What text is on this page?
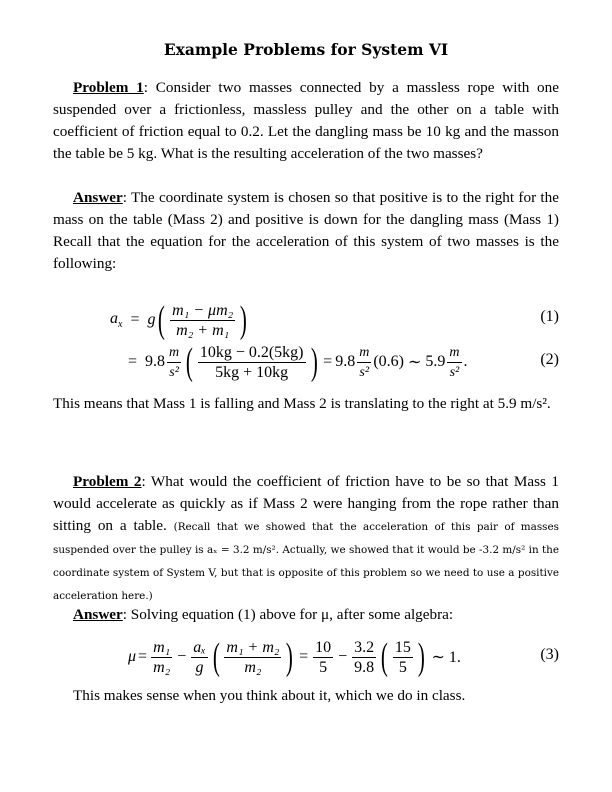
Example Problems for System VI
Problem 1: Consider two masses connected by a massless rope with one suspended over a frictionless, massless pulley and the other on a table with coefficient of friction equal to 0.2. Let the dangling mass be 10 kg and the masson the table be 5 kg. What is the resulting acceleration of the two masses?
Answer: The coordinate system is chosen so that positive is to the right for the mass on the table (Mass 2) and positive is down for the dangling mass (Mass 1) Recall that the equation for the acceleration of this system of two masses is the following:
$a_x = g$ ( $\frac{\text{m₁ − μm₂}}{\text{m₂ + m₁}}$ )	(1)
= $9.8 \frac{m}{\text{s²}}$ ( $\frac{10kg - 0.2(5kg)}{5kg + 10kg}$ ) = $9.8 \frac{m}{\text{s²}} (0.6)$ ∼ $5.9 \frac{m}{\text{s²}}$ .	(2)
This means that Mass 1 is falling and Mass 2 is translating to the right at 5.9 m/s².
Problem 2: What would the coefficient of friction have to be so that Mass 1 would accelerate as quickly as if Mass 2 were hanging from the rope rather than sitting on a table. (Recall that we showed that the acceleration of this pair of masses suspended over the pulley is aₓ = 3.2 m/s². Actually, we showed that it would be -3.2 m/s² in the coordinate system of System V, but that is opposite of this problem so we need to use a positive acceleration here.)
Answer: Solving equation (1) above for μ, after some algebra:
$\mu = \frac{\text{m₁}}{\text{m₂}} - \frac{\text{aₓ}}{g}$ ( $\frac{\text{m₁ + m₂}}{\text{m₂}}$ ) = $\frac{10}{5} - \frac{3.2}{9.8}$ ( $\frac{15}{5}$ ) ∼ 1.	(3)
This makes sense when you think about it, which we do in class.
